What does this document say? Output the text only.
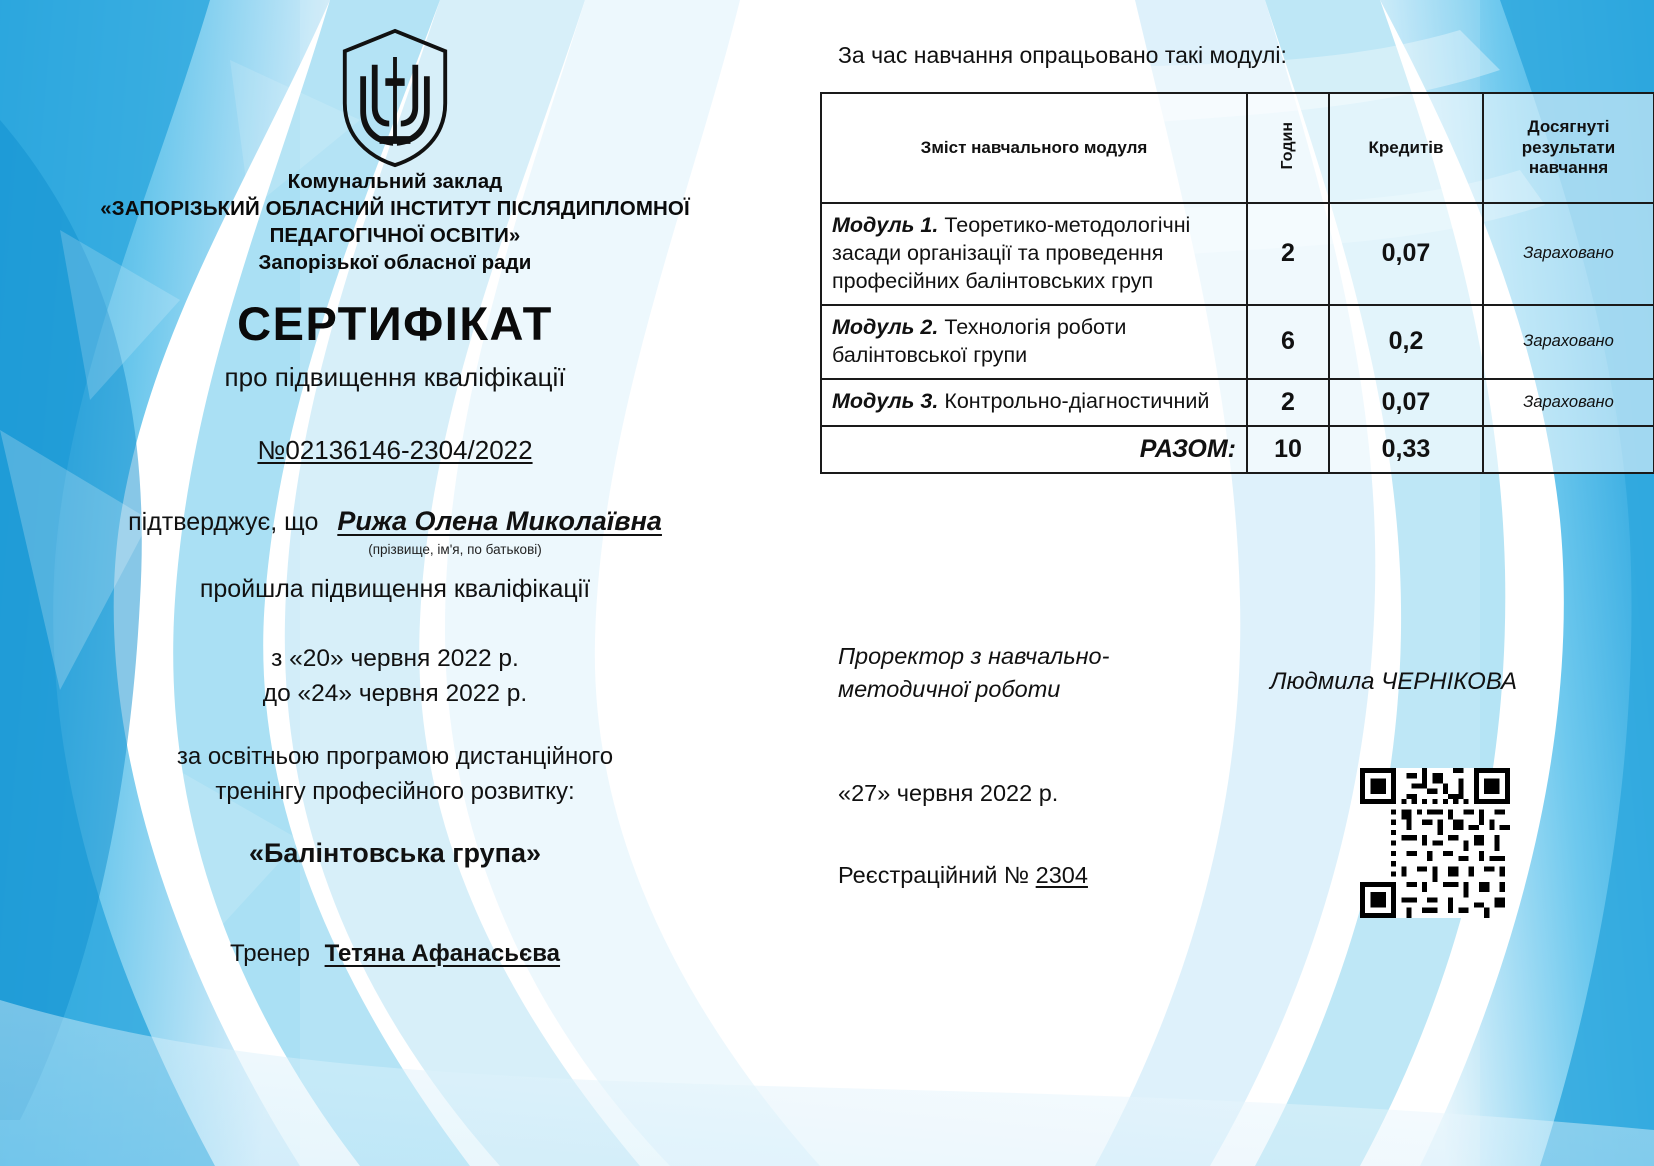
Комунальний заклад
«ЗАПОРІЗЬКИЙ ОБЛАСНИЙ ІНСТИТУТ ПІСЛЯДИПЛОМНОЇ
ПЕДАГОГІЧНОЇ ОСВІТИ»
Запорізької обласної ради
СЕРТИФІКАТ
про підвищення кваліфікації
№02136146-2304/2022
підтверджує, що Рижа Олена Миколаївна
(прізвище, ім'я, по батькові)
пройшла підвищення кваліфікації
з «20» червня 2022 р.
до «24» червня 2022 р.
за освітньою програмою дистанційного
тренінгу професійного розвитку:
«Балінтовська група»
Тренер Тетяна Афанасьєва
За час навчання опрацьовано такі модулі:
Зміст навчального модуля	Годин	Кредитів	Досягнуті результати навчання
Модуль 1. Теоретико-методологічні засади організації та проведення професійних балінтовських груп	2	0,07	Зараховано
Модуль 2. Технологія роботи балінтовської групи	6	0,2	Зараховано
Модуль 3. Контрольно-діагностичний	2	0,07	Зараховано
РАЗОМ:	10	0,33	
Проректор з навчально-
методичної роботи	Людмила ЧЕРНІКОВА
«27» червня 2022 р.
Реєстраційний № 2304
